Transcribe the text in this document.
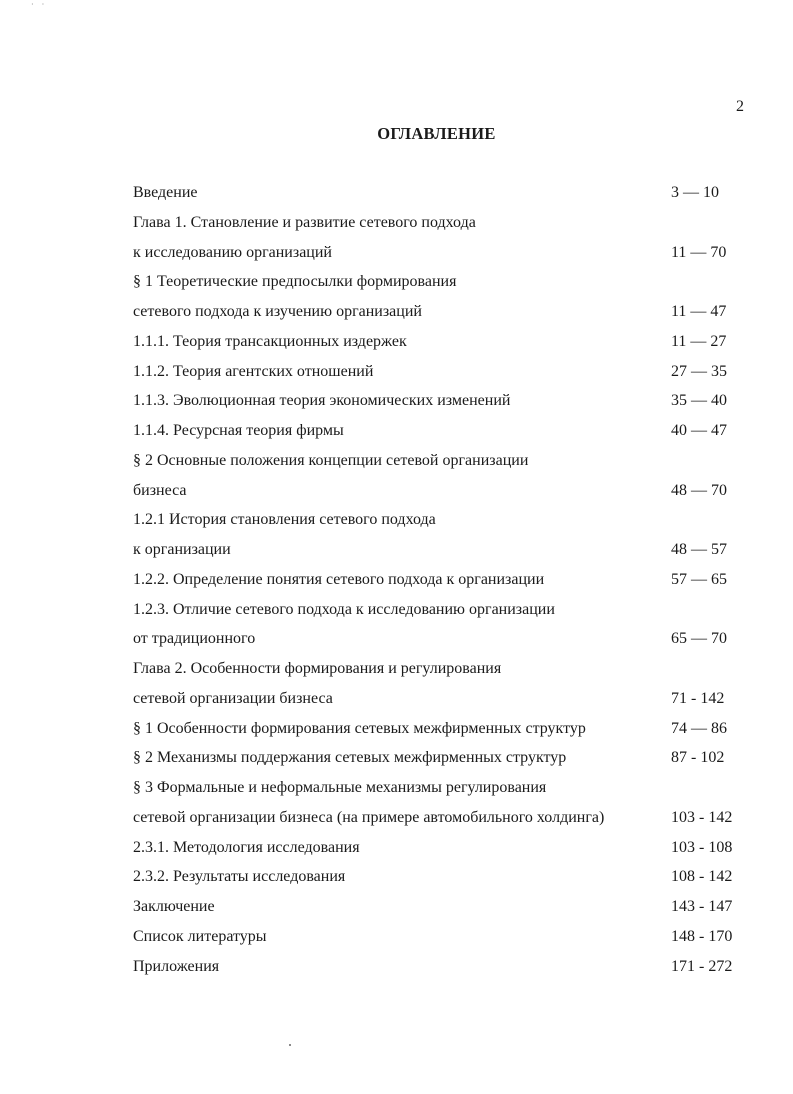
· ·
2
ОГЛАВЛЕНИЕ
Введение	3 — 10
Глава 1. Становление и развитие сетевого подхода
к исследованию организаций	11 — 70
§ 1 Теоретические предпосылки формирования
сетевого подхода к изучению организаций	11 — 47
1.1.1. Теория трансакционных издержек	11 — 27
1.1.2. Теория агентских отношений	27 — 35
1.1.3. Эволюционная теория экономических изменений	35 — 40
1.1.4. Ресурсная теория фирмы	40 — 47
§ 2 Основные положения концепции сетевой организации
бизнеса	48 — 70
1.2.1 История становления сетевого подхода
к организации	48 — 57
1.2.2. Определение понятия сетевого подхода к организации	57 — 65
1.2.3. Отличие сетевого подхода к исследованию организации
от традиционного	65 — 70
Глава 2. Особенности формирования и регулирования
сетевой организации бизнеса	71 - 142
§ 1 Особенности формирования сетевых межфирменных структур	74 — 86
§ 2 Механизмы поддержания сетевых межфирменных структур	87 - 102
§ 3 Формальные и неформальные механизмы регулирования
сетевой организации бизнеса (на примере автомобильного холдинга)	103 - 142
2.3.1. Методология исследования	103 - 108
2.3.2. Результаты исследования	108 - 142
Заключение	143 - 147
Список литературы	148 - 170
Приложения	171 - 272
